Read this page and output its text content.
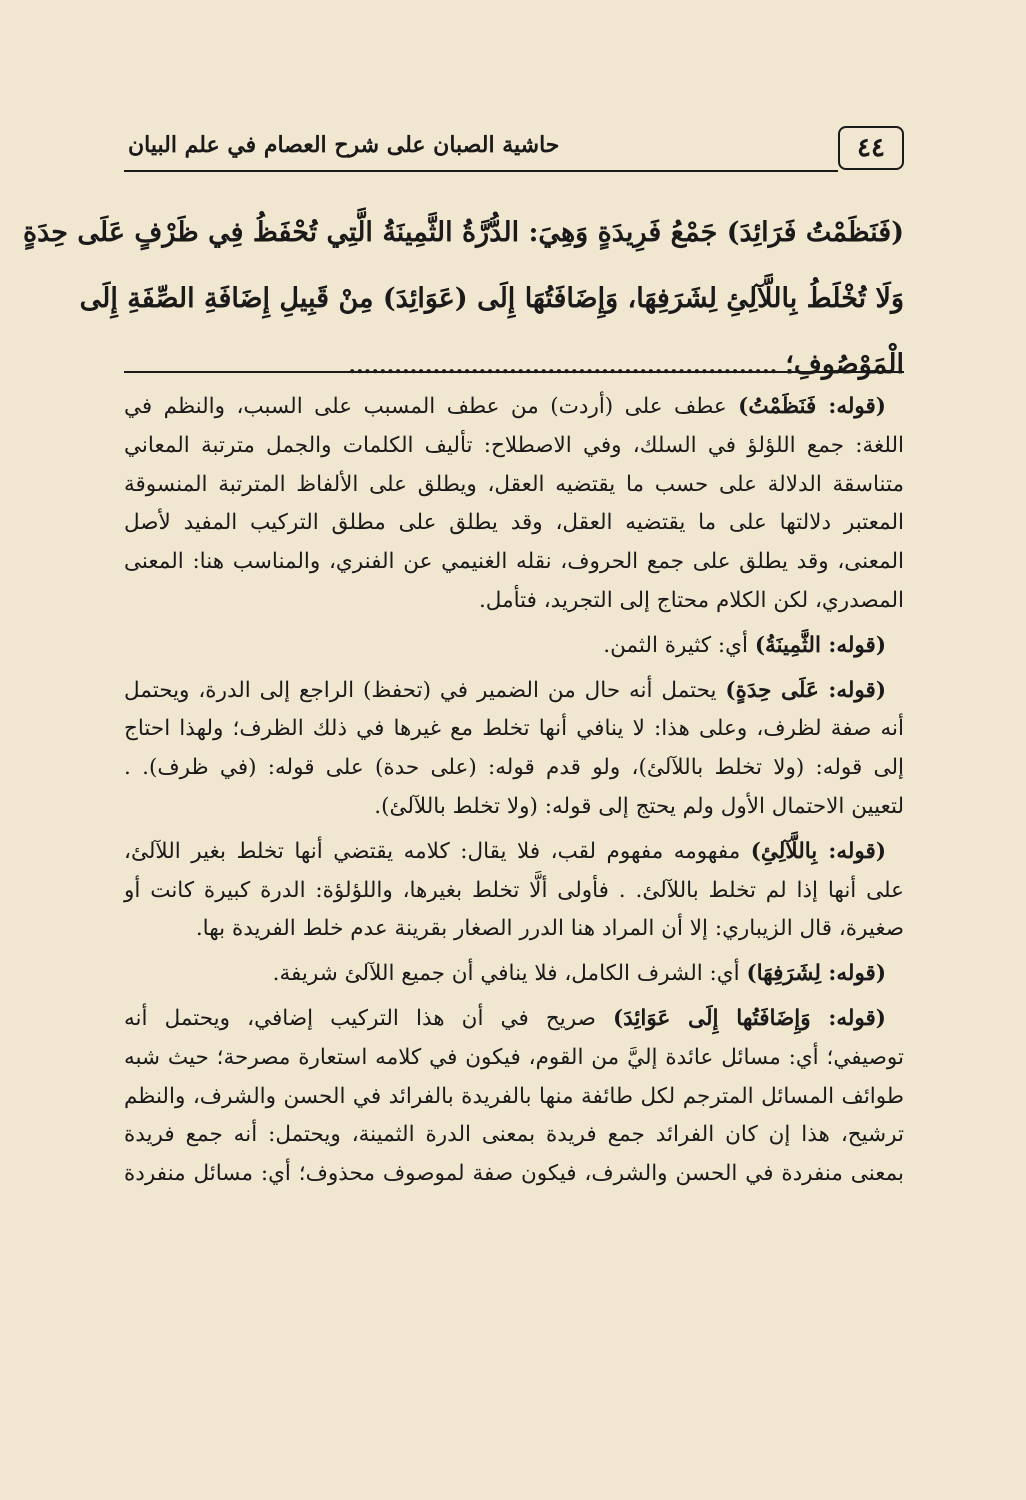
٤٤
حاشية الصبان على شرح العصام في علم البيان
(فَنَظَمْتُ فَرَائِدَ) جَمْعُ فَرِيدَةٍ وَهِيَ: الدُّرَّةُ الثَّمِينَةُ الَّتِي تُحْفَظُ فِي ظَرْفٍ عَلَى حِدَةٍ
وَلَا تُخْلَطُ بِاللَّآلِئِ لِشَرَفِهَا، وَإِضَافَتُهَا إِلَى (عَوَائِدَ) مِنْ قَبِيلِ إِضَافَةِ الصِّفَةِ إِلَى
الْمَوْصُوفِ؛........................................................
(قوله: فَنَظَمْتُ) عطف على (أردت) من عطف المسبب على السبب، والنظم في
اللغة: جمع اللؤلؤ في السلك، وفي الاصطلاح: تأليف الكلمات والجمل مترتبة المعاني
متناسقة الدلالة على حسب ما يقتضيه العقل، ويطلق على الألفاظ المترتبة المنسوقة
المعتبر دلالتها على ما يقتضيه العقل، وقد يطلق على مطلق التركيب المفيد لأصل
المعنى، وقد يطلق على جمع الحروف، نقله الغنيمي عن الفنري، والمناسب هنا: المعنى
المصدري، لكن الكلام محتاج إلى التجريد، فتأمل.
(قوله: الثَّمِينَةُ) أي: كثيرة الثمن.
(قوله: عَلَى حِدَةٍ) يحتمل أنه حال من الضمير في (تحفظ) الراجع إلى الدرة، ويحتمل
أنه صفة لظرف، وعلى هذا: لا ينافي أنها تخلط مع غيرها في ذلك الظرف؛ ولهذا احتاج
إلى قوله: (ولا تخلط باللآلئ)، ولو قدم قوله: (على حدة) على قوله: (في ظرف). .
لتعيين الاحتمال الأول ولم يحتج إلى قوله: (ولا تخلط باللآلئ).
(قوله: بِاللَّآلِئِ) مفهومه مفهوم لقب، فلا يقال: كلامه يقتضي أنها تخلط بغير اللآلئ،
على أنها إذا لم تخلط باللآلئ. . فأولى ألَّا تخلط بغيرها، واللؤلؤة: الدرة كبيرة كانت أو
صغيرة، قال الزيباري: إلا أن المراد هنا الدرر الصغار بقرينة عدم خلط الفريدة بها.
(قوله: لِشَرَفِهَا) أي: الشرف الكامل، فلا ينافي أن جميع اللآلئ شريفة.
(قوله: وَإِضَافَتُها إِلَى عَوَائِدَ) صريح في أن هذا التركيب إضافي، ويحتمل أنه
توصيفي؛ أي: مسائل عائدة إليَّ من القوم، فيكون في كلامه استعارة مصرحة؛ حيث شبه
طوائف المسائل المترجم لكل طائفة منها بالفريدة بالفرائد في الحسن والشرف، والنظم
ترشيح، هذا إن كان الفرائد جمع فريدة بمعنى الدرة الثمينة، ويحتمل: أنه جمع فريدة
بمعنى منفردة في الحسن والشرف، فيكون صفة لموصوف محذوف؛ أي: مسائل منفردة
